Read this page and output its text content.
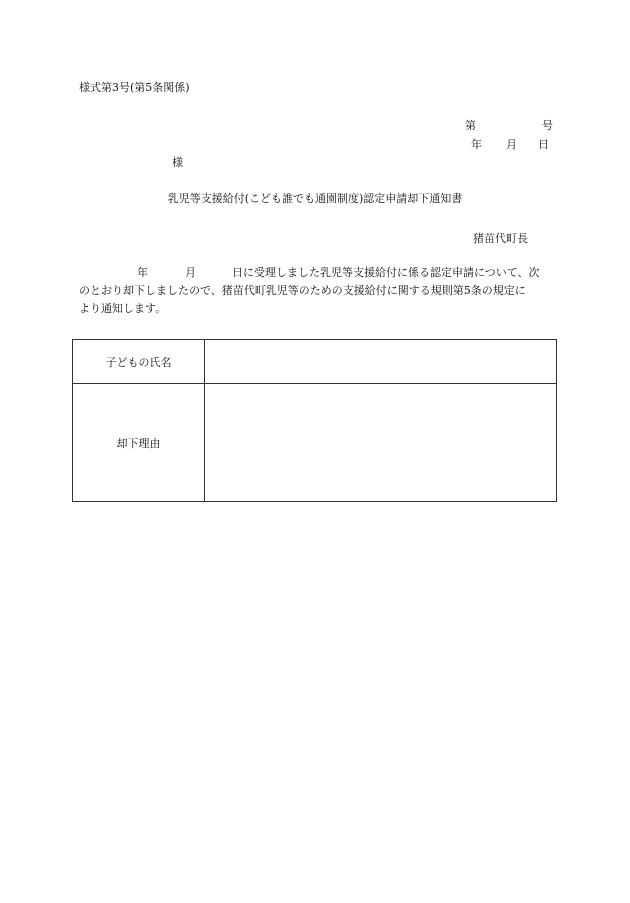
様式第3号(第5条関係)
第	号
年 月 日
様
乳児等支援給付(こども誰でも通園制度)認定申請却下通知書
猪苗代町長
年	月	日に受理しました乳児等支援給付に係る認定申請について、次
のとおり却下しましたので、猪苗代町乳児等のための支援給付に関する規則第5条の規定に
より通知します。
子どもの氏名	
却下理由	
